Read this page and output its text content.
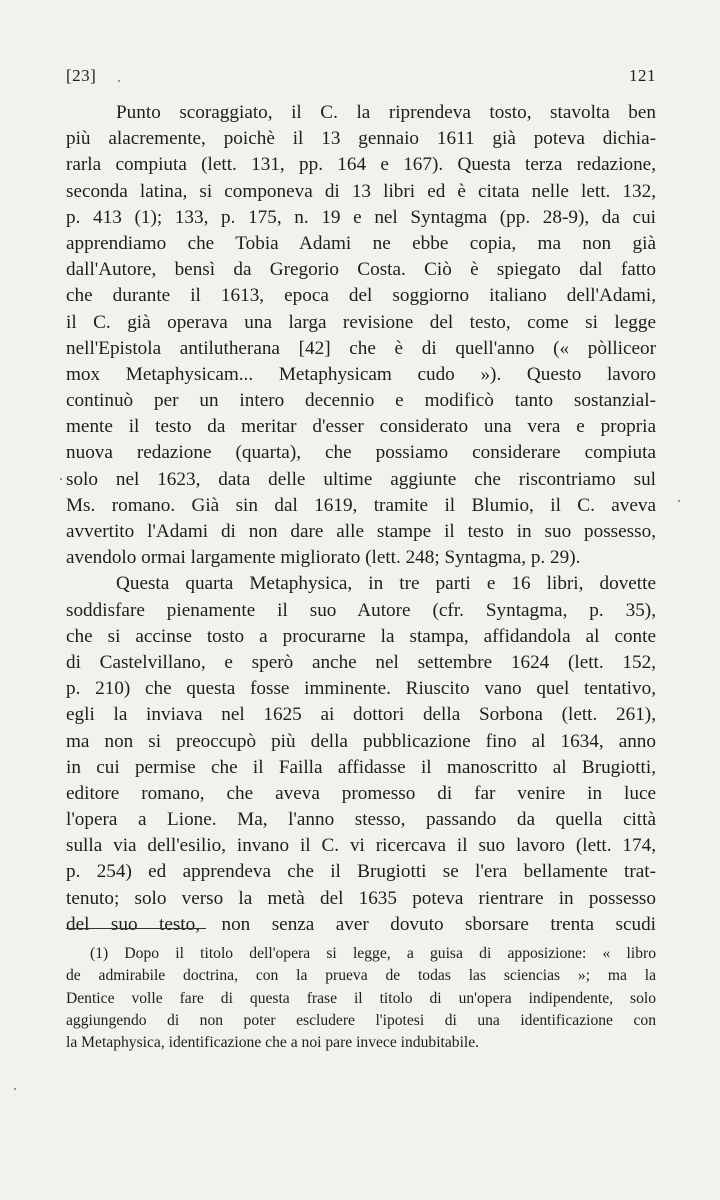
[23]	121
Punto scoraggiato, il C. la riprendeva tosto, stavolta ben
più alacremente, poichè il 13 gennaio 1611 già poteva dichia-
rarla compiuta (lett. 131, pp. 164 e 167). Questa terza redazione,
seconda latina, si componeva di 13 libri ed è citata nelle lett. 132,
p. 413 (1); 133, p. 175, n. 19 e nel Syntagma (pp. 28-9), da cui
apprendiamo che Tobia Adami ne ebbe copia, ma non già
dall'Autore, bensì da Gregorio Costa. Ciò è spiegato dal fatto
che durante il 1613, epoca del soggiorno italiano dell'Adami,
il C. già operava una larga revisione del testo, come si legge
nell'Epistola antilutherana [42] che è di quell'anno (« pòlliceor
mox Metaphysicam... Metaphysicam cudo »). Questo lavoro
continuò per un intero decennio e modificò tanto sostanzial-
mente il testo da meritar d'esser considerato una vera e propria
nuova redazione (quarta), che possiamo considerare compiuta
solo nel 1623, data delle ultime aggiunte che riscontriamo sul
Ms. romano. Già sin dal 1619, tramite il Blumio, il C. aveva
avvertito l'Adami di non dare alle stampe il testo in suo possesso,
avendolo ormai largamente migliorato (lett. 248; Syntagma, p. 29).
Questa quarta Metaphysica, in tre parti e 16 libri, dovette
soddisfare pienamente il suo Autore (cfr. Syntagma, p. 35),
che si accinse tosto a procurarne la stampa, affidandola al conte
di Castelvillano, e sperò anche nel settembre 1624 (lett. 152,
p. 210) che questa fosse imminente. Riuscito vano quel tentativo,
egli la inviava nel 1625 ai dottori della Sorbona (lett. 261),
ma non si preoccupò più della pubblicazione fino al 1634, anno
in cui permise che il Failla affidasse il manoscritto al Brugiotti,
editore romano, che aveva promesso di far venire in luce
l'opera a Lione. Ma, l'anno stesso, passando da quella città
sulla via dell'esilio, invano il C. vi ricercava il suo lavoro (lett. 174,
p. 254) ed apprendeva che il Brugiotti se l'era bellamente trat-
tenuto; solo verso la metà del 1635 poteva rientrare in possesso
del suo testo, non senza aver dovuto sborsare trenta scudi
(1) Dopo il titolo dell'opera si legge, a guisa di apposizione: « libro
de admirabile doctrina, con la prueva de todas las sciencias »; ma la
Dentice volle fare di questa frase il titolo di un'opera indipendente, solo
aggiungendo di non poter escludere l'ipotesi di una identificazione con
la Metaphysica, identificazione che a noi pare invece indubitabile.
